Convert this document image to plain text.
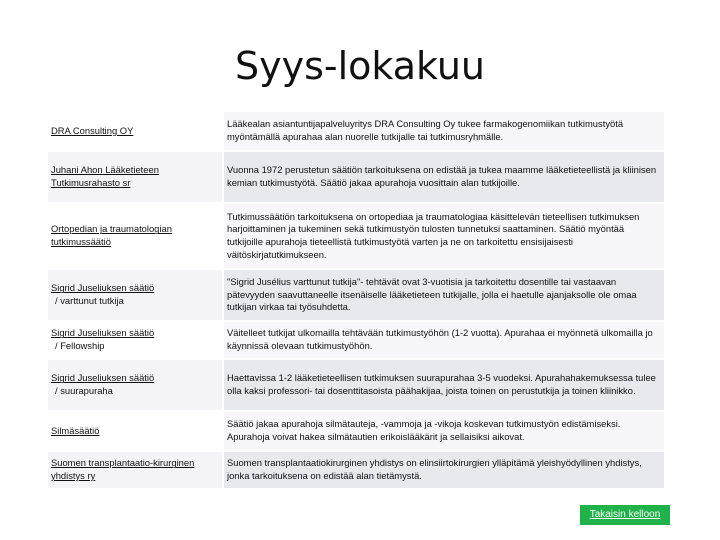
Syys-lokakuu
DRA Consulting OY	Lääkealan asiantuntijapalveluyritys DRA Consulting Oy tukee farmakogenomiikan tutkimustyötä myöntämällä apurahaa alan nuorelle tutkijalle tai tutkimusryhmälle.

Juhani Ahon Lääketieteen Tutkimusrahasto sr	Vuonna 1972 perustetun säätiön tarkoituksena on edistää ja tukea maamme lääketieteellistä ja kliinisen kemian tutkimustyötä. Säätiö jakaa apurahoja vuosittain alan tutkijoille.

Ortopedian ja traumatologian tutkimussäätiö	Tutkimussäätiön tarkoituksena on ortopediaa ja traumatologiaa käsittelevän tieteellisen tutkimuksen harjoittaminen ja tukeminen sekä tutkimustyön tulosten tunnetuksi saattaminen. Säätiö myöntää tutkijoille apurahoja tieteellistä tutkimustyötä varten ja ne on tarkoitettu ensisijaisesti väitöskirjatutkimukseen.

Sigrid Juseliuksen säätiö
/ varttunut tutkija	"Sigrid Jusélius varttunut tutkija"- tehtävät ovat 3-vuotisia ja tarkoitettu dosentille tai vastaavan pätevyyden saavuttaneelle itsenäiselle lääketieteen tutkijalle, jolla ei haetulle ajanjaksolle ole omaa tutkijan virkaa tai työsuhdetta.

Sigrid Juseliuksen säätiö
/ Fellowship	Väitelleet tutkijat ulkomailla tehtävään tutkimustyöhön (1-2 vuotta). Apurahaa ei myönnetä ulkomailla jo käynnissä olevaan tutkimustyöhön.

Sigrid Juseliuksen säätiö
/ suurapuraha	Haettavissa 1-2 lääketieteellisen tutkimuksen suurapurahaa 3-5 vuodeksi. Apurahahakemuksessa tulee olla kaksi professori- tai dosenttitasoista päähakijaa, joista toinen on perustutkija ja toinen kliinikko.

Silmäsäätiö	Säätiö jakaa apurahoja silmätauteja, -vammoja ja -vikoja koskevan tutkimustyön edistämiseksi. Apurahoja voivat hakea silmätautien erikoislääkärit ja sellaisiksi aikovat.

Suomen transplantaatio-kirurginen yhdistys ry	Suomen transplantaatiokirurginen yhdistys on elinsiirtokirurgien ylläpitämä yleishyödyllinen yhdistys, jonka tarkoituksena on edistää alan tietämystä.
Takaisin kelloon
